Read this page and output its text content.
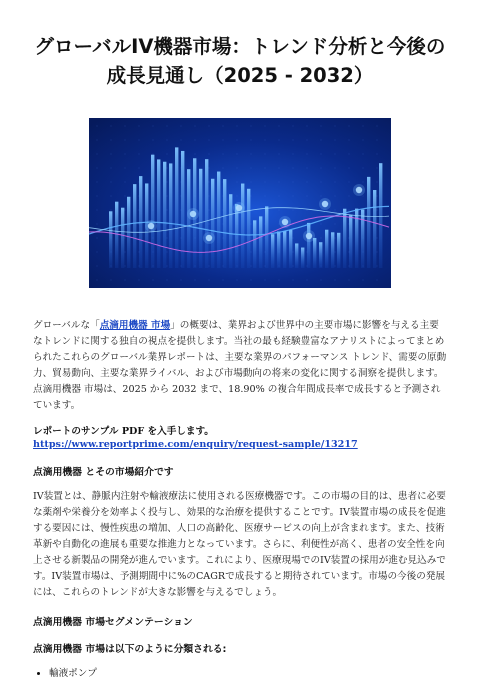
グローバルIV機器市場：トレンド分析と今後の
成長見通し（2025 - 2032）

グローバルな「点滴用機器 市場」の概要は、業界および世界中の主要市場に影響を与える主要なトレンドに関する独自の視点を提供します。当社の最も経験豊富なアナリストによってまとめられたこれらのグローバル業界レポートは、主要な業界のパフォーマンス トレンド、需要の原動力、貿易動向、主要な業界ライバル、および市場動向の将来の変化に関する洞察を提供します。点滴用機器 市場は、2025 から 2032 まで、18.90% の複合年間成長率で成長すると予測されています。

レポートのサンプル PDF を入手します。 https://www.reportprime.com/enquiry/request-sample/13217

点滴用機器 とその市場紹介です

IV装置とは、静脈内注射や輸液療法に使用される医療機器です。この市場の目的は、患者に必要な薬剤や栄養分を効率よく投与し、効果的な治療を提供することです。IV装置市場の成長を促進する要因には、慢性疾患の増加、人口の高齢化、医療サービスの向上が含まれます。また、技術革新や自動化の進展も重要な推進力となっています。さらに、利便性が高く、患者の安全性を向上させる新製品の開発が進んでいます。これにより、医療現場でのIV装置の採用が進む見込みです。IV装置市場は、予測期間中に%のCAGRで成長すると期待されています。市場の今後の発展には、これらのトレンドが大きな影響を与えるでしょう。

点滴用機器 市場セグメンテーション
点滴用機器 市場は以下のように分類される:
• 輸液ポンプ
